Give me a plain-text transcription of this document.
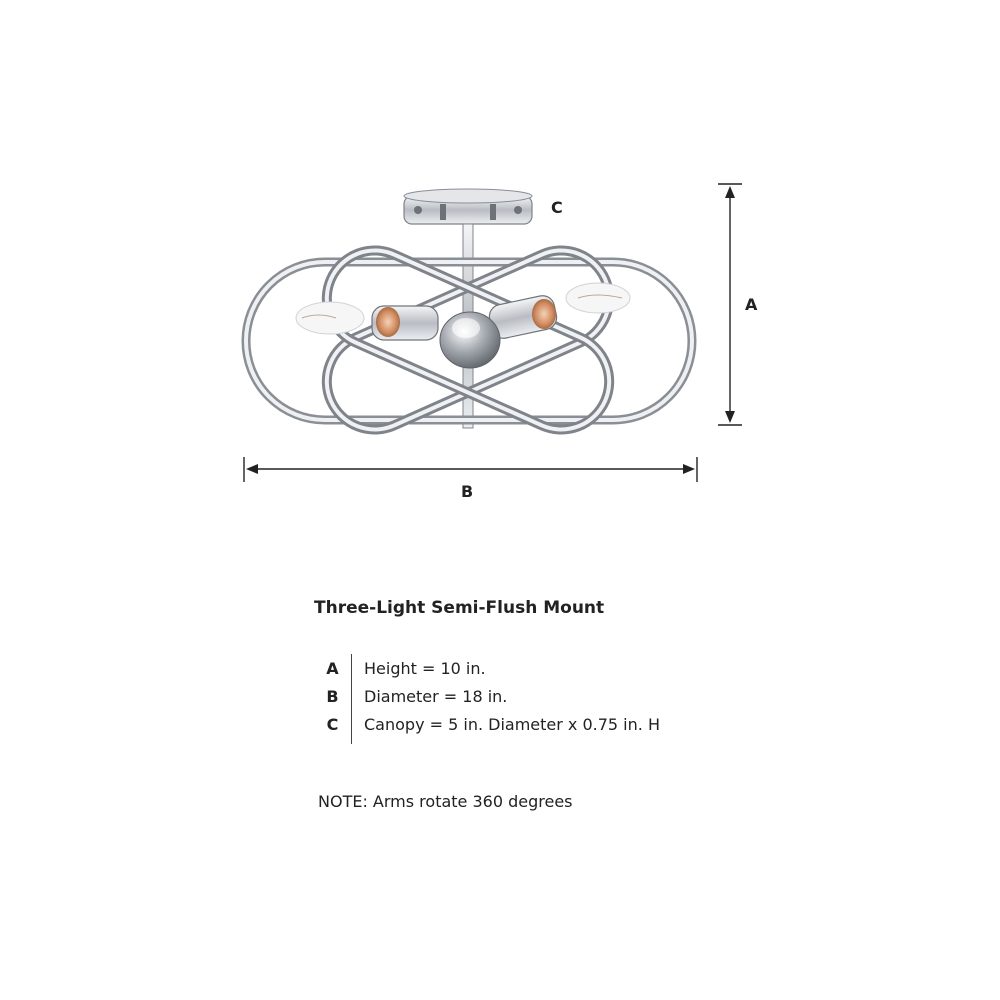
C
A
B
Three-Light Semi-Flush Mount
A	Height = 10 in.
B	Diameter = 18 in.
C	Canopy = 5 in. Diameter x 0.75 in. H
NOTE: Arms rotate 360 degrees
